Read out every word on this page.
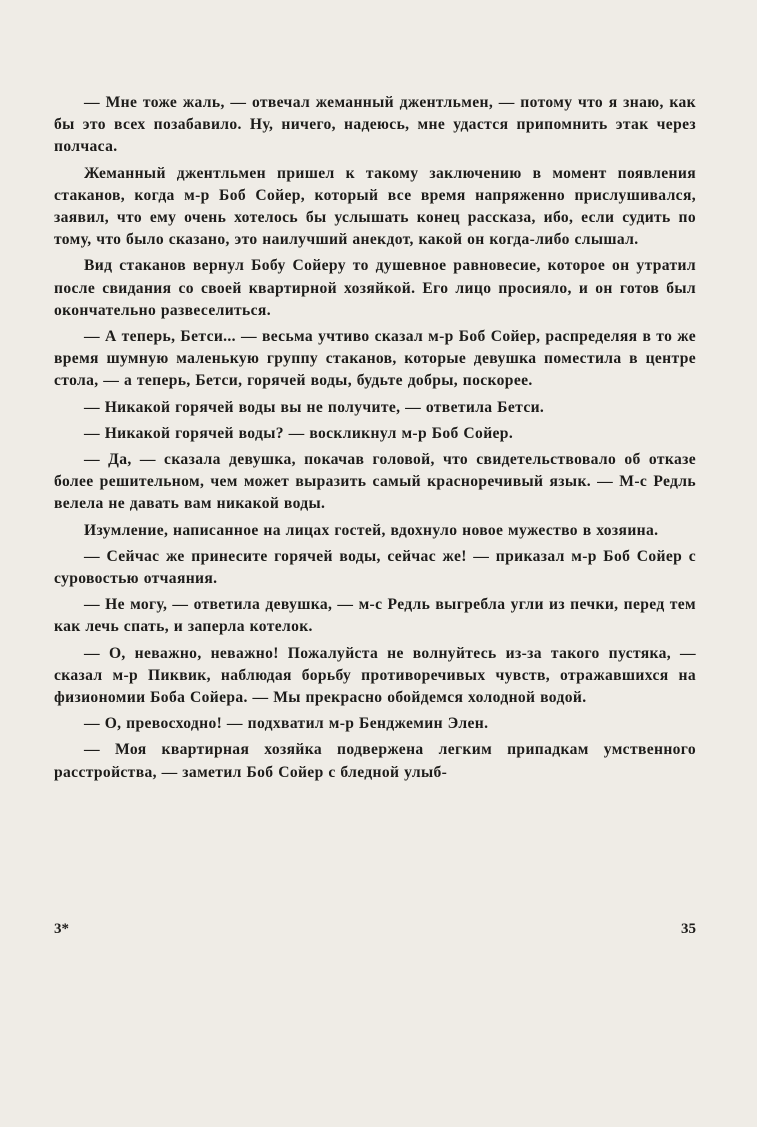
— Мне тоже жаль, — отвечал жеманный джентльмен, — потому что я знаю, как бы это всех позабавило. Ну, ничего, надеюсь, мне удастся припомнить этак через полчаса.

Жеманный джентльмен пришел к такому заключению в момент появления стаканов, когда м-р Боб Сойер, который все время напряженно прислушивался, заявил, что ему очень хотелось бы услышать конец рассказа, ибо, если судить по тому, что было сказано, это наилучший анекдот, какой он когда-либо слышал.

Вид стаканов вернул Бобу Сойеру то душевное равновесие, которое он утратил после свидания со своей квартирной хозяйкой. Его лицо просияло, и он готов был окончательно развеселиться.

— А теперь, Бетси... — весьма учтиво сказал м-р Боб Сойер, распределяя в то же время шумную маленькую группу стаканов, которые девушка поместила в центре стола, — а теперь, Бетси, горячей воды, будьте добры, поскорее.

— Никакой горячей воды вы не получите, — ответила Бетси.

— Никакой горячей воды? — воскликнул м-р Боб Сойер.

— Да, — сказала девушка, покачав головой, что свидетельствовало об отказе более решительном, чем может выразить самый красноречивый язык. — М-с Редль велела не давать вам никакой воды.

Изумление, написанное на лицах гостей, вдохнуло новое мужество в хозяина.

— Сейчас же принесите горячей воды, сейчас же! — приказал м-р Боб Сойер с суровостью отчаяния.

— Не могу, — ответила девушка, — м-с Редль выгребла угли из печки, перед тем как лечь спать, и заперла котелок.

— О, неважно, неважно! Пожалуйста не волнуйтесь из-за такого пустяка, — сказал м-р Пиквик, наблюдая борьбу противоречивых чувств, отражавшихся на физиономии Боба Сойера. — Мы прекрасно обойдемся холодной водой.

— О, превосходно! — подхватил м-р Бенджемин Элен.

— Моя квартирная хозяйка подвержена легким припадкам умственного расстройства, — заметил Боб Сойер с бледной улыб-

3*	35
